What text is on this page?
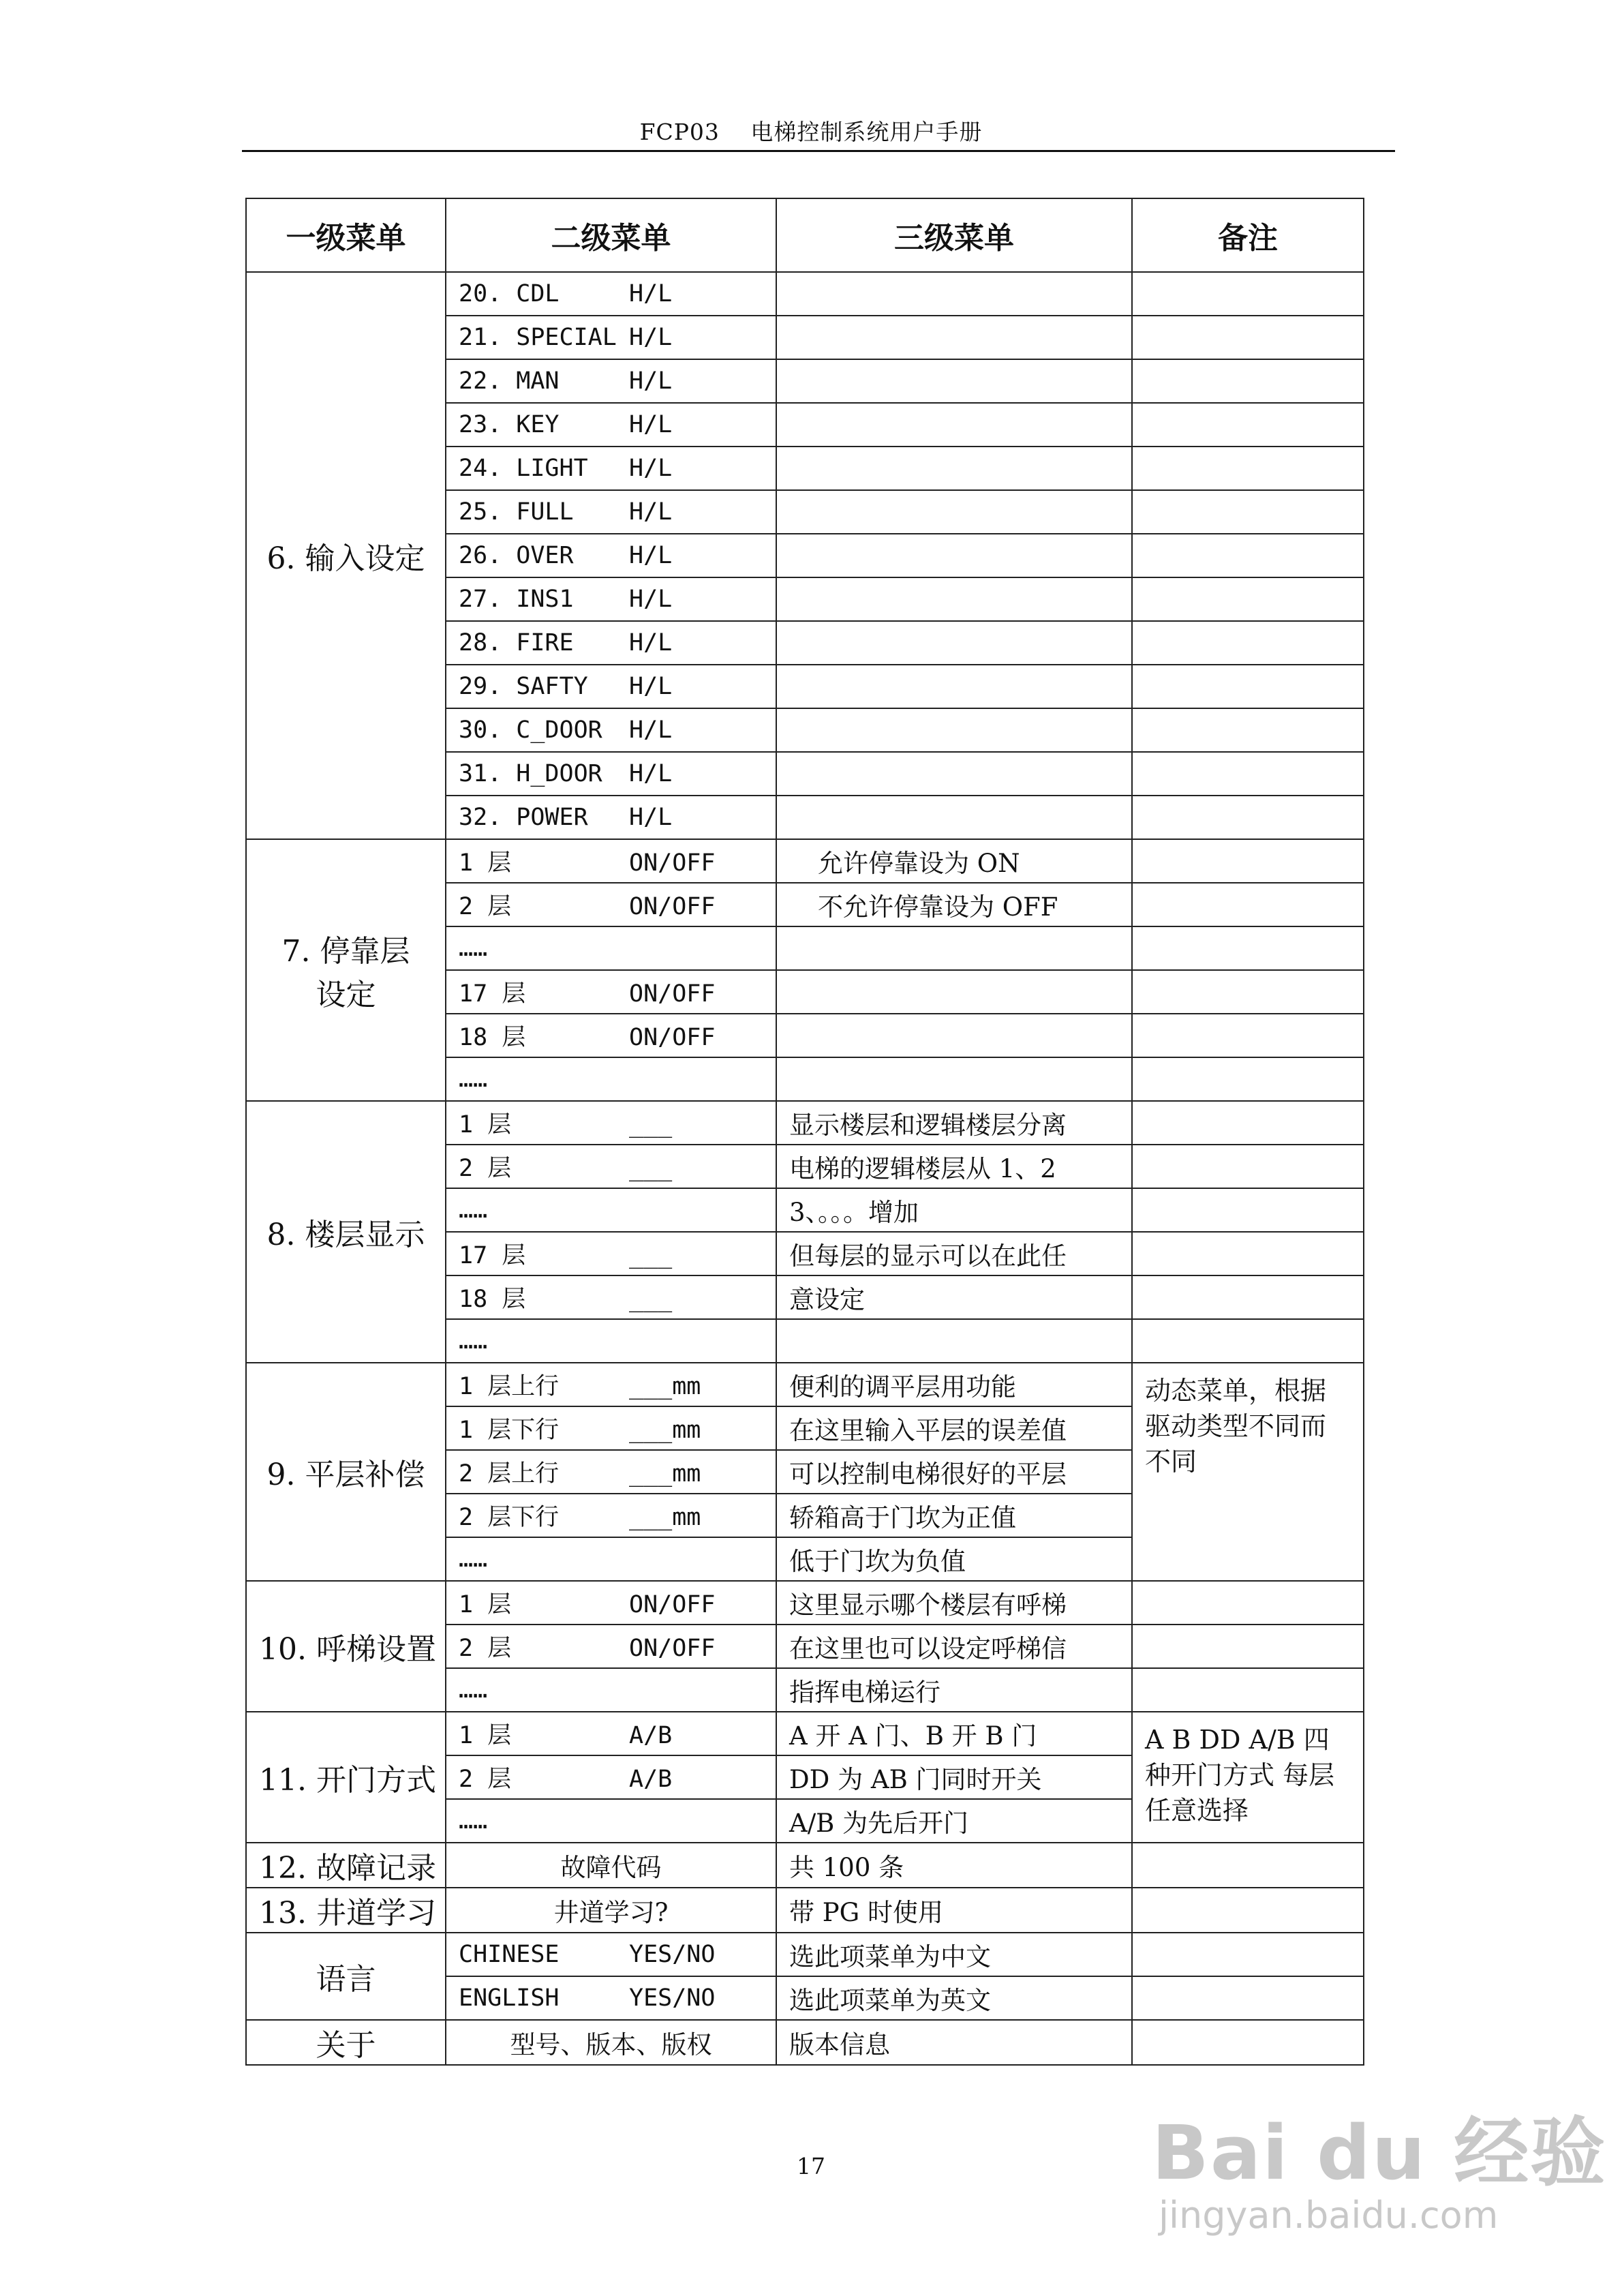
FCP03　 电梯控制系统用户手册
一级菜单	二级菜单	三级菜单	备注
6. 输入设定	20. CDL H/L		
	21. SPECIAL H/L		
	22. MAN H/L		
	23. KEY H/L		
	24. LIGHT H/L		
	25. FULL H/L		
	26. OVER H/L		
	27. INS1 H/L		
	28. FIRE H/L		
	29. SAFTY H/L		
	30. C_DOOR H/L		
	31. H_DOOR H/L		
	32. POWER H/L		

7. 停靠层
设定	1 层 ON/OFF	允许停靠设为 ON	
	2 层 ON/OFF	不允许停靠设为 OFF	
	……		
	17 层 ON/OFF		
	18 层 ON/OFF		
	……		
8. 楼层显示	1 层 ___	显示楼层和逻辑楼层分离	
	2 层 ___	电梯的逻辑楼层从 1、2	
	……	3、。。。增加	
	17 层 ___	但每层的显示可以在此任	
	18 层 ___	意设定	
	……		
9. 平层补偿	1 层上行 ___mm	便利的调平层用功能	动态菜单，根据驱动类型不同而不同
	1 层下行 ___mm	在这里输入平层的误差值	
	2 层上行 ___mm	可以控制电梯很好的平层	
	2 层下行 ___mm	轿箱高于门坎为正值	
	……	低于门坎为负值	
10. 呼梯设置	1 层 ON/OFF	这里显示哪个楼层有呼梯	
	2 层 ON/OFF	在这里也可以设定呼梯信	
	……	指挥电梯运行	
11. 开门方式	1 层 A/B	A 开 A 门、B 开 B 门	A B DD A/B 四种开门方式 每层任意选择
	2 层 A/B	DD 为 AB 门同时开关	
	……	A/B 为先后开门	
12. 故障记录	故障代码	共 100 条	
13. 井道学习	井道学习?	带 PG 时使用	
语言	CHINESE YES/NO	选此项菜单为中文	
	ENGLISH YES/NO	选此项菜单为英文	
关于	型号、版本、版权	版本信息	
17	Bai du 经验
jingyan.baidu.com
